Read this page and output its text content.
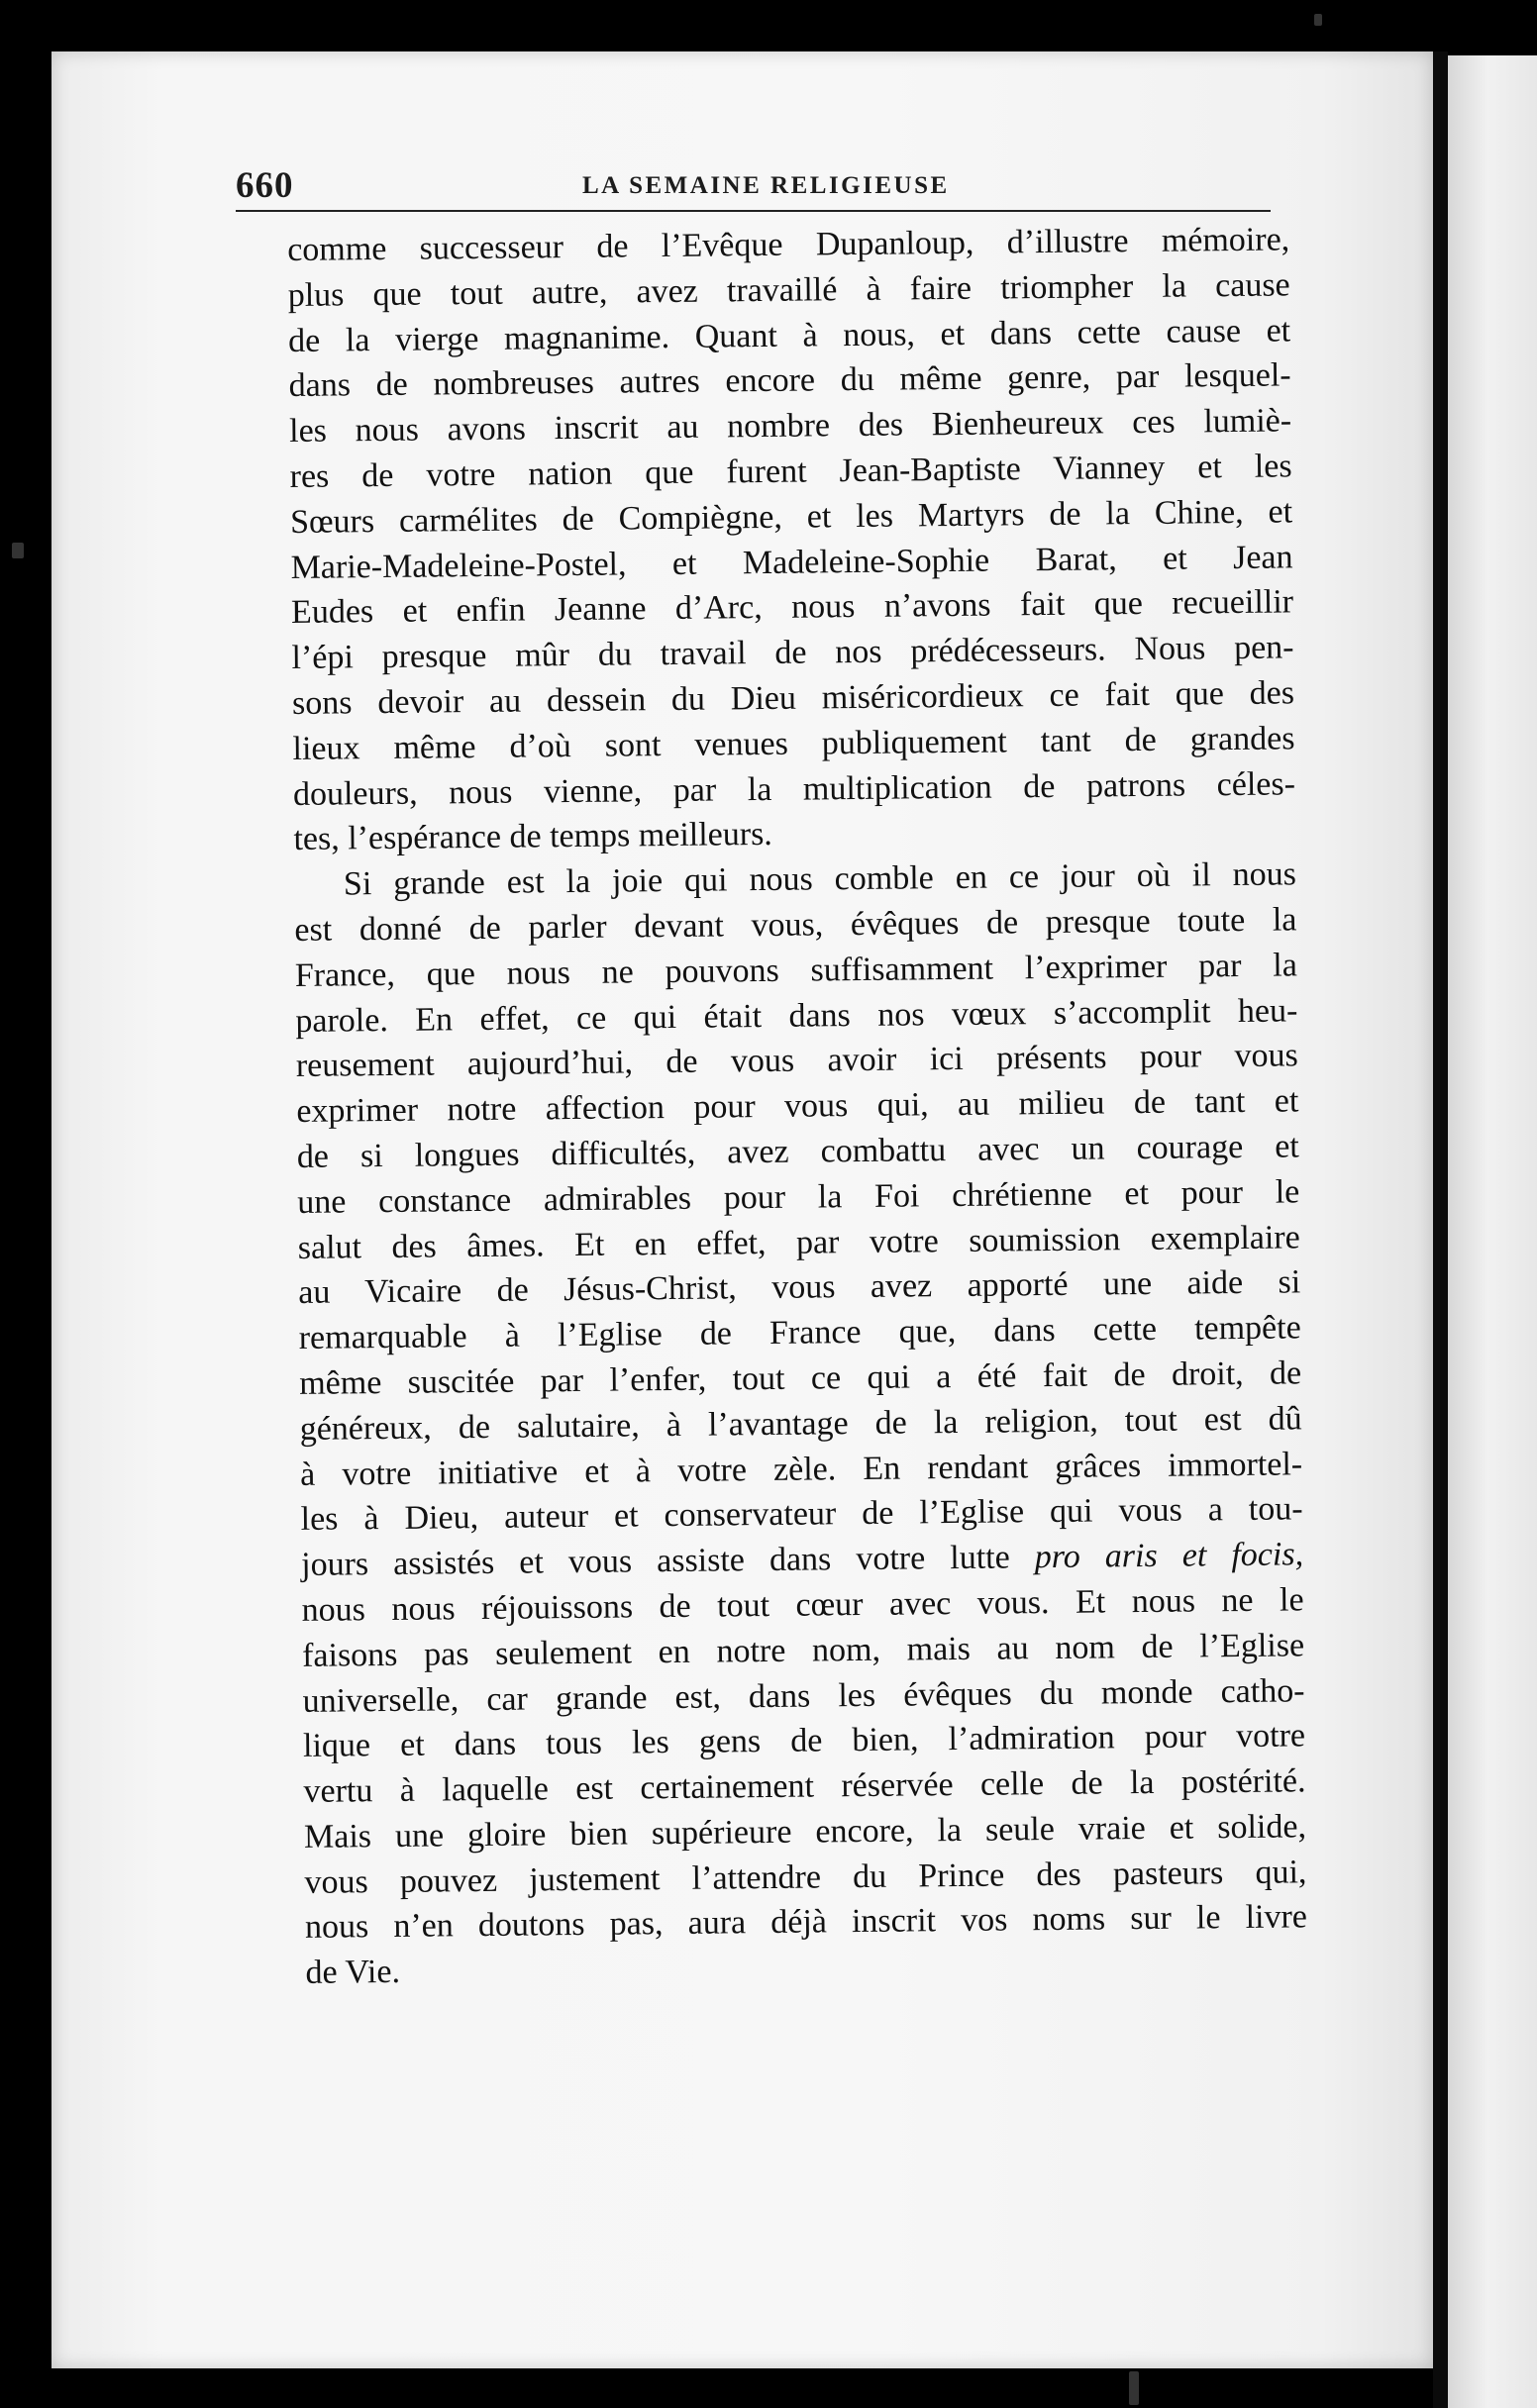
660	LA SEMAINE RELIGIEUSE
comme successeur de l’Evêque Dupanloup, d’illustre mémoire,
plus que tout autre, avez travaillé à faire triompher la cause
de la vierge magnanime. Quant à nous, et dans cette cause et
dans de nombreuses autres encore du même genre, par lesquel-
les nous avons inscrit au nombre des Bienheureux ces lumiè-
res de votre nation que furent Jean-Baptiste Vianney et les
Sœurs carmélites de Compiègne, et les Martyrs de la Chine, et
Marie-Madeleine-Postel, et Madeleine-Sophie Barat, et Jean
Eudes et enfin Jeanne d’Arc, nous n’avons fait que recueillir
l’épi presque mûr du travail de nos prédécesseurs. Nous pen-
sons devoir au dessein du Dieu miséricordieux ce fait que des
lieux même d’où sont venues publiquement tant de grandes
douleurs, nous vienne, par la multiplication de patrons céles-
tes, l’espérance de temps meilleurs.
Si grande est la joie qui nous comble en ce jour où il nous
est donné de parler devant vous, évêques de presque toute la
France, que nous ne pouvons suffisamment l’exprimer par la
parole. En effet, ce qui était dans nos vœux s’accomplit heu-
reusement aujourd’hui, de vous avoir ici présents pour vous
exprimer notre affection pour vous qui, au milieu de tant et
de si longues difficultés, avez combattu avec un courage et
une constance admirables pour la Foi chrétienne et pour le
salut des âmes. Et en effet, par votre soumission exemplaire
au Vicaire de Jésus-Christ, vous avez apporté une aide si
remarquable à l’Eglise de France que, dans cette tempête
même suscitée par l’enfer, tout ce qui a été fait de droit, de
généreux, de salutaire, à l’avantage de la religion, tout est dû
à votre initiative et à votre zèle. En rendant grâces immortel-
les à Dieu, auteur et conservateur de l’Eglise qui vous a tou-
jours assistés et vous assiste dans votre lutte pro aris et focis,
nous nous réjouissons de tout cœur avec vous. Et nous ne le
faisons pas seulement en notre nom, mais au nom de l’Eglise
universelle, car grande est, dans les évêques du monde catho-
lique et dans tous les gens de bien, l’admiration pour votre
vertu à laquelle est certainement réservée celle de la postérité.
Mais une gloire bien supérieure encore, la seule vraie et solide,
vous pouvez justement l’attendre du Prince des pasteurs qui,
nous n’en doutons pas, aura déjà inscrit vos noms sur le livre
de Vie.
